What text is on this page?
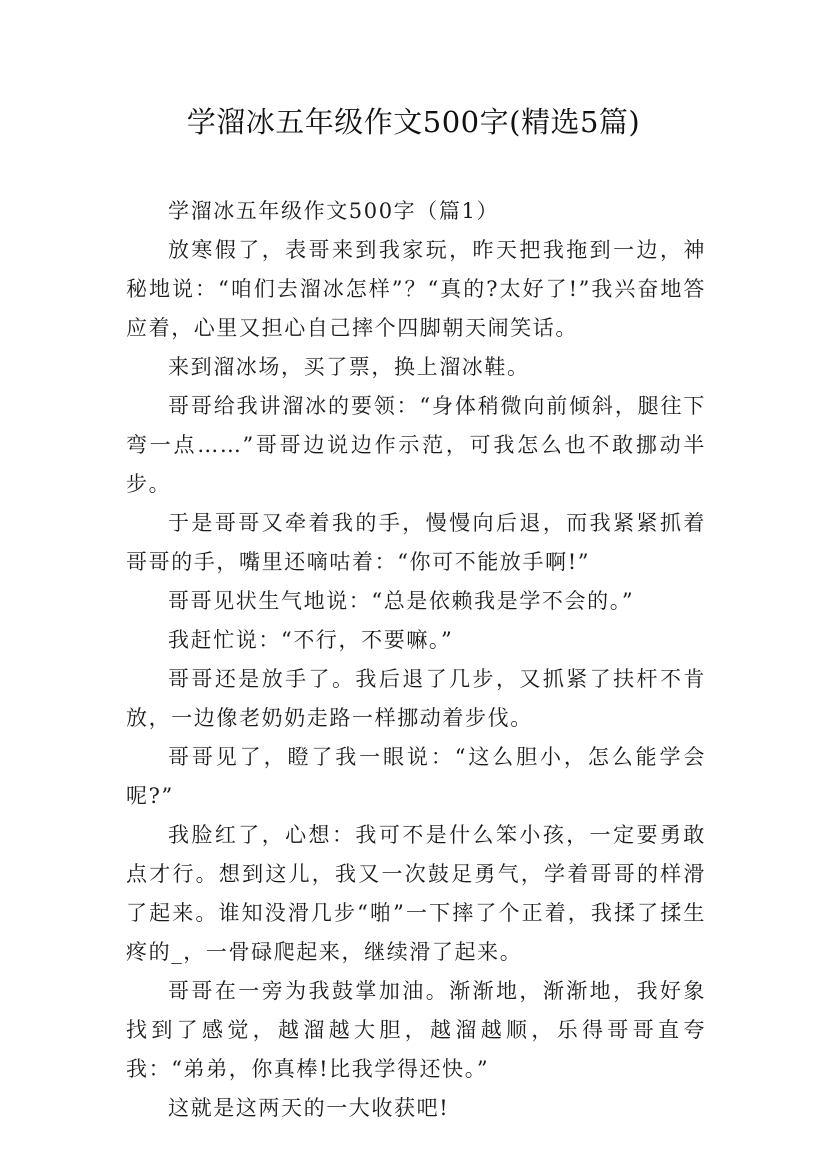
学溜冰五年级作文500字(精选5篇)

学溜冰五年级作文500字（篇1）

放寒假了，表哥来到我家玩，昨天把我拖到一边，神秘地说：“咱们去溜冰怎样”？“真的?太好了!”我兴奋地答应着，心里又担心自己摔个四脚朝天闹笑话。

来到溜冰场，买了票，换上溜冰鞋。

哥哥给我讲溜冰的要领：“身体稍微向前倾斜，腿往下弯一点……”哥哥边说边作示范，可我怎么也不敢挪动半步。

于是哥哥又牵着我的手，慢慢向后退，而我紧紧抓着哥哥的手，嘴里还嘀咕着：“你可不能放手啊!”

哥哥见状生气地说：“总是依赖我是学不会的。”

我赶忙说：“不行，不要嘛。”

哥哥还是放手了。我后退了几步，又抓紧了扶杆不肯放，一边像老奶奶走路一样挪动着步伐。

哥哥见了，瞪了我一眼说：“这么胆小，怎么能学会呢?”

我脸红了，心想：我可不是什么笨小孩，一定要勇敢点才行。想到这儿，我又一次鼓足勇气，学着哥哥的样滑了起来。谁知没滑几步“啪”一下摔了个正着，我揉了揉生疼的_，一骨碌爬起来，继续滑了起来。

哥哥在一旁为我鼓掌加油。渐渐地，渐渐地，我好象找到了感觉，越溜越大胆，越溜越顺，乐得哥哥直夸我：“弟弟，你真棒!比我学得还快。”

这就是这两天的一大收获吧!
